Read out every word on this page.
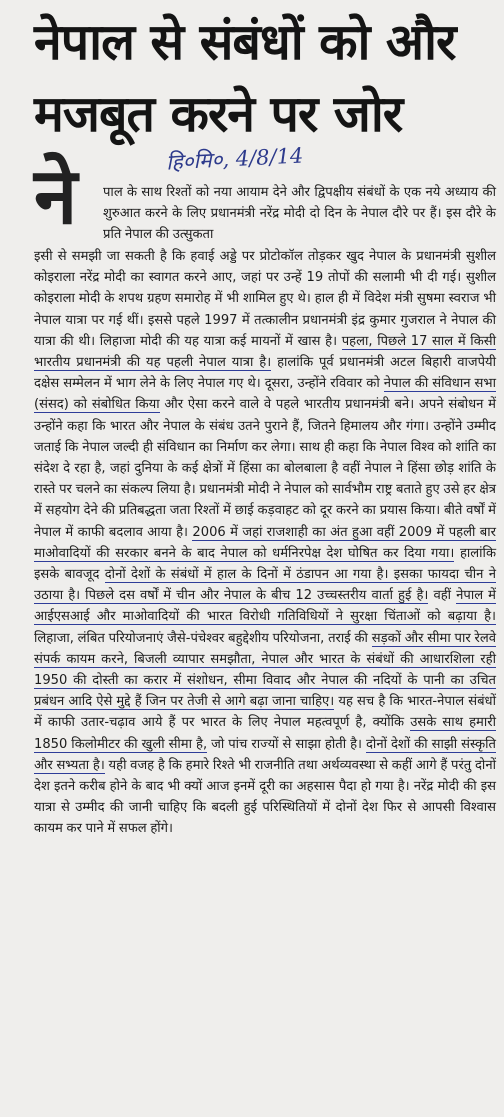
नेपाल से संबंधों को और
मजबूत करने पर जोर
हि०मि०, 4/8/14
ने पाल के साथ रिश्तों को नया आयाम देने और द्विपक्षीय संबंधों के एक नये अध्याय की शुरुआत करने के लिए प्रधानमंत्री नरेंद्र मोदी दो दिन के नेपाल दौरे पर हैं। इस दौरे के प्रति नेपाल की उत्सुकता

इसी से समझी जा सकती है कि हवाई अड्डे पर प्रोटोकॉल तोड़कर खुद नेपाल के प्रधानमंत्री सुशील कोइराला नरेंद्र मोदी का स्वागत करने आए, जहां पर उन्हें 19 तोपों की सलामी भी दी गई। सुशील कोइराला मोदी के शपथ ग्रहण समारोह में भी शामिल हुए थे। हाल ही में विदेश मंत्री सुषमा स्वराज भी नेपाल यात्रा पर गई थीं। इससे पहले 1997 में तत्कालीन प्रधानमंत्री इंद्र कुमार गुजराल ने नेपाल की यात्रा की थी। लिहाजा मोदी की यह यात्रा कई मायनों में खास है। पहला, पिछले 17 साल में किसी भारतीय प्रधानमंत्री की यह पहली नेपाल यात्रा है। हालांकि पूर्व प्रधानमंत्री अटल बिहारी वाजपेयी दक्षेस सम्मेलन में भाग लेने के लिए नेपाल गए थे। दूसरा, उन्होंने रविवार को नेपाल की संविधान सभा (संसद) को संबोधित किया और ऐसा करने वाले वे पहले भारतीय प्रधानमंत्री बने। अपने संबोधन में उन्होंने कहा कि भारत और नेपाल के संबंध उतने पुराने हैं, जितने हिमालय और गंगा। उन्होंने उम्मीद जताई कि नेपाल जल्दी ही संविधान का निर्माण कर लेगा। साथ ही कहा कि नेपाल विश्व को शांति का संदेश दे रहा है, जहां दुनिया के कई क्षेत्रों में हिंसा का बोलबाला है वहीं नेपाल ने हिंसा छोड़ शांति के रास्ते पर चलने का संकल्प लिया है। प्रधानमंत्री मोदी ने नेपाल को सार्वभौम राष्ट्र बताते हुए उसे हर क्षेत्र में सहयोग देने की प्रतिबद्धता जता रिश्तों में छाई कड़वाहट को दूर करने का प्रयास किया। बीते वर्षों में नेपाल में काफी बदलाव आया है। 2006 में जहां राजशाही का अंत हुआ वहीं 2009 में पहली बार माओवादियों की सरकार बनने के बाद नेपाल को धर्मनिरपेक्ष देश घोषित कर दिया गया। हालांकि इसके बावजूद दोनों देशों के संबंधों में हाल के दिनों में ठंडापन आ गया है। इसका फायदा चीन ने उठाया है। पिछले दस वर्षों में चीन और नेपाल के बीच 12 उच्चस्तरीय वार्ता हुई है। वहीं नेपाल में आईएसआई और माओवादियों की भारत विरोधी गतिविधियों ने सुरक्षा चिंताओं को बढ़ाया है। लिहाजा, लंबित परियोजनाएं जैसे-पंचेश्वर बहुद्देशीय परियोजना, तराई की सड़कों और सीमा पार रेलवे संपर्क कायम करने, बिजली व्यापार समझौता, नेपाल और भारत के संबंधों की आधारशिला रही 1950 की दोस्ती का करार में संशोधन, सीमा विवाद और नेपाल की नदियों के पानी का उचित प्रबंधन आदि ऐसे मुद्दे हैं जिन पर तेजी से आगे बढ़ा जाना चाहिए। यह सच है कि भारत-नेपाल संबंधों में काफी उतार-चढ़ाव आये हैं पर भारत के लिए नेपाल महत्वपूर्ण है, क्योंकि उसके साथ हमारी 1850 किलोमीटर की खुली सीमा है, जो पांच राज्यों से साझा होती है। दोनों देशों की साझी संस्कृति और सभ्यता है। यही वजह है कि हमारे रिश्ते भी राजनीति तथा अर्थव्यवस्था से कहीं आगे हैं परंतु दोनों देश इतने करीब होने के बाद भी क्यों आज इनमें दूरी का अहसास पैदा हो गया है। नरेंद्र मोदी की इस यात्रा से उम्मीद की जानी चाहिए कि बदली हुई परिस्थितियों में दोनों देश फिर से आपसी विश्वास कायम कर पाने में सफल होंगे।
